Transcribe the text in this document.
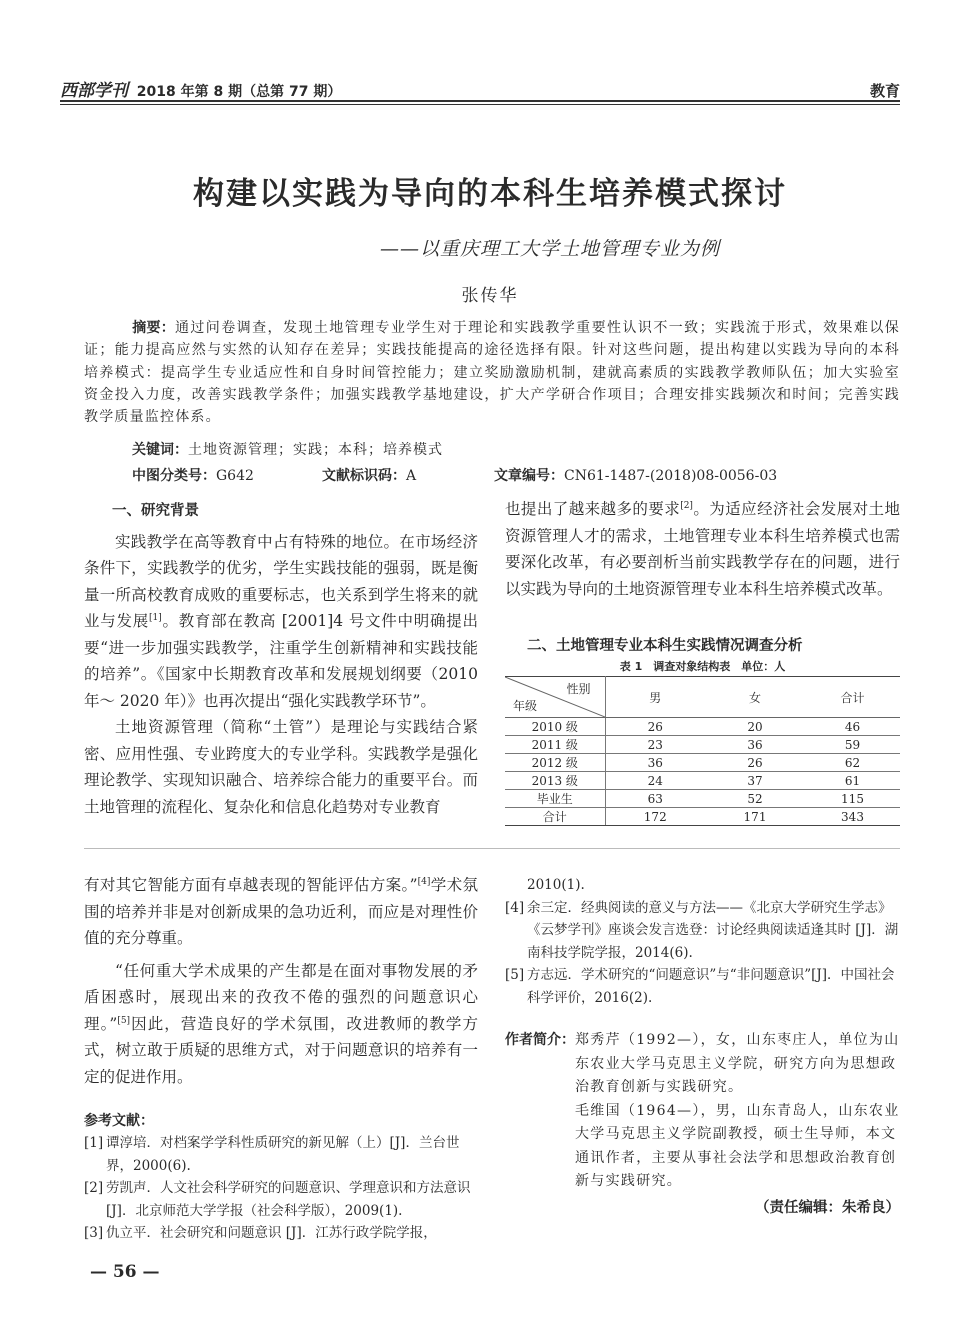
西部学刊 2018 年第 8 期（总第 77 期）	教育
构建以实践为导向的本科生培养模式探讨
——以重庆理工大学土地管理专业为例
张传华
摘要：通过问卷调查，发现土地管理专业学生对于理论和实践教学重要性认识不一致；实践流于形式，效果难以保证；能力提高应然与实然的认知存在差异；实践技能提高的途径选择有限。针对这些问题，提出构建以实践为导向的本科培养模式：提高学生专业适应性和自身时间管控能力；建立奖励激励机制，建就高素质的实践教学教师队伍；加大实验室资金投入力度，改善实践教学条件；加强实践教学基地建设，扩大产学研合作项目；合理安排实践频次和时间；完善实践教学质量监控体系。
关键词：土地资源管理；实践；本科；培养模式
中图分类号：G642	文献标识码：A	文章编号：CN61-1487-(2018)08-0056-03
一、研究背景

实践教学在高等教育中占有特殊的地位。在市场经济条件下，实践教学的优劣，学生实践技能的强弱，既是衡量一所高校教育成败的重要标志，也关系到学生将来的就业与发展[1]。教育部在教高 [2001]4 号文件中明确提出要“进一步加强实践教学，注重学生创新精神和实践技能的培养”。《国家中长期教育改革和发展规划纲要（2010 年～ 2020 年）》也再次提出“强化实践教学环节”。

土地资源管理（简称“土管”）是理论与实践结合紧密、应用性强、专业跨度大的专业学科。实践教学是强化理论教学、实现知识融合、培养综合能力的重要平台。而土地管理的流程化、复杂化和信息化趋势对专业教育

也提出了越来越多的要求[2]。为适应经济社会发展对土地资源管理人才的需求，土地管理专业本科生培养模式也需要深化改革，有必要剖析当前实践教学存在的问题，进行以实践为导向的土地资源管理专业本科生培养模式改革。

二、土地管理专业本科生实践情况调查分析
表 1　调查对象结构表　单位：人
性别
年级	男	女	合计
2010 级	26	20	46
2011 级	23	36	59
2012 级	36	26	62
2013 级	24	37	61
毕业生	63	52	115
合计	172	171	343

有对其它智能方面有卓越表现的智能评估方案。”[4]学术氛围的培养并非是对创新成果的急功近利，而应是对理性价值的充分尊重。

“任何重大学术成果的产生都是在面对事物发展的矛盾困惑时，展现出来的孜孜不倦的强烈的问题意识心理。”[5]因此，营造良好的学术氛围，改进教师的教学方式，树立敢于质疑的思维方式，对于问题意识的培养有一定的促进作用。

参考文献：
[1] 谭淳培．对档案学学科性质研究的新见解（上）[J]．兰台世界，2000(6).
[2] 劳凯声．人文社会科学研究的问题意识、学理意识和方法意识 [J]．北京师范大学学报（社会科学版），2009(1).
[3] 仇立平．社会研究和问题意识 [J]．江苏行政学院学报，
2010(1).
[4] 余三定．经典阅读的意义与方法——《北京大学研究生学志》《云梦学刊》座谈会发言选登：讨论经典阅读适逢其时 [J]．湖南科技学院学报，2014(6).
[5] 方志远．学术研究的“问题意识”与“非问题意识”[J]．中国社会科学评价，2016(2).
作者简介： 郑秀芹（1992—），女，山东枣庄人，单位为山东农业大学马克思主义学院，研究方向为思想政治教育创新与实践研究。
毛维国（1964—），男，山东青岛人，山东农业大学马克思主义学院副教授，硕士生导师，本文通讯作者，主要从事社会法学和思想政治教育创新与实践研究。
（责任编辑：朱希良）
— 56 —
